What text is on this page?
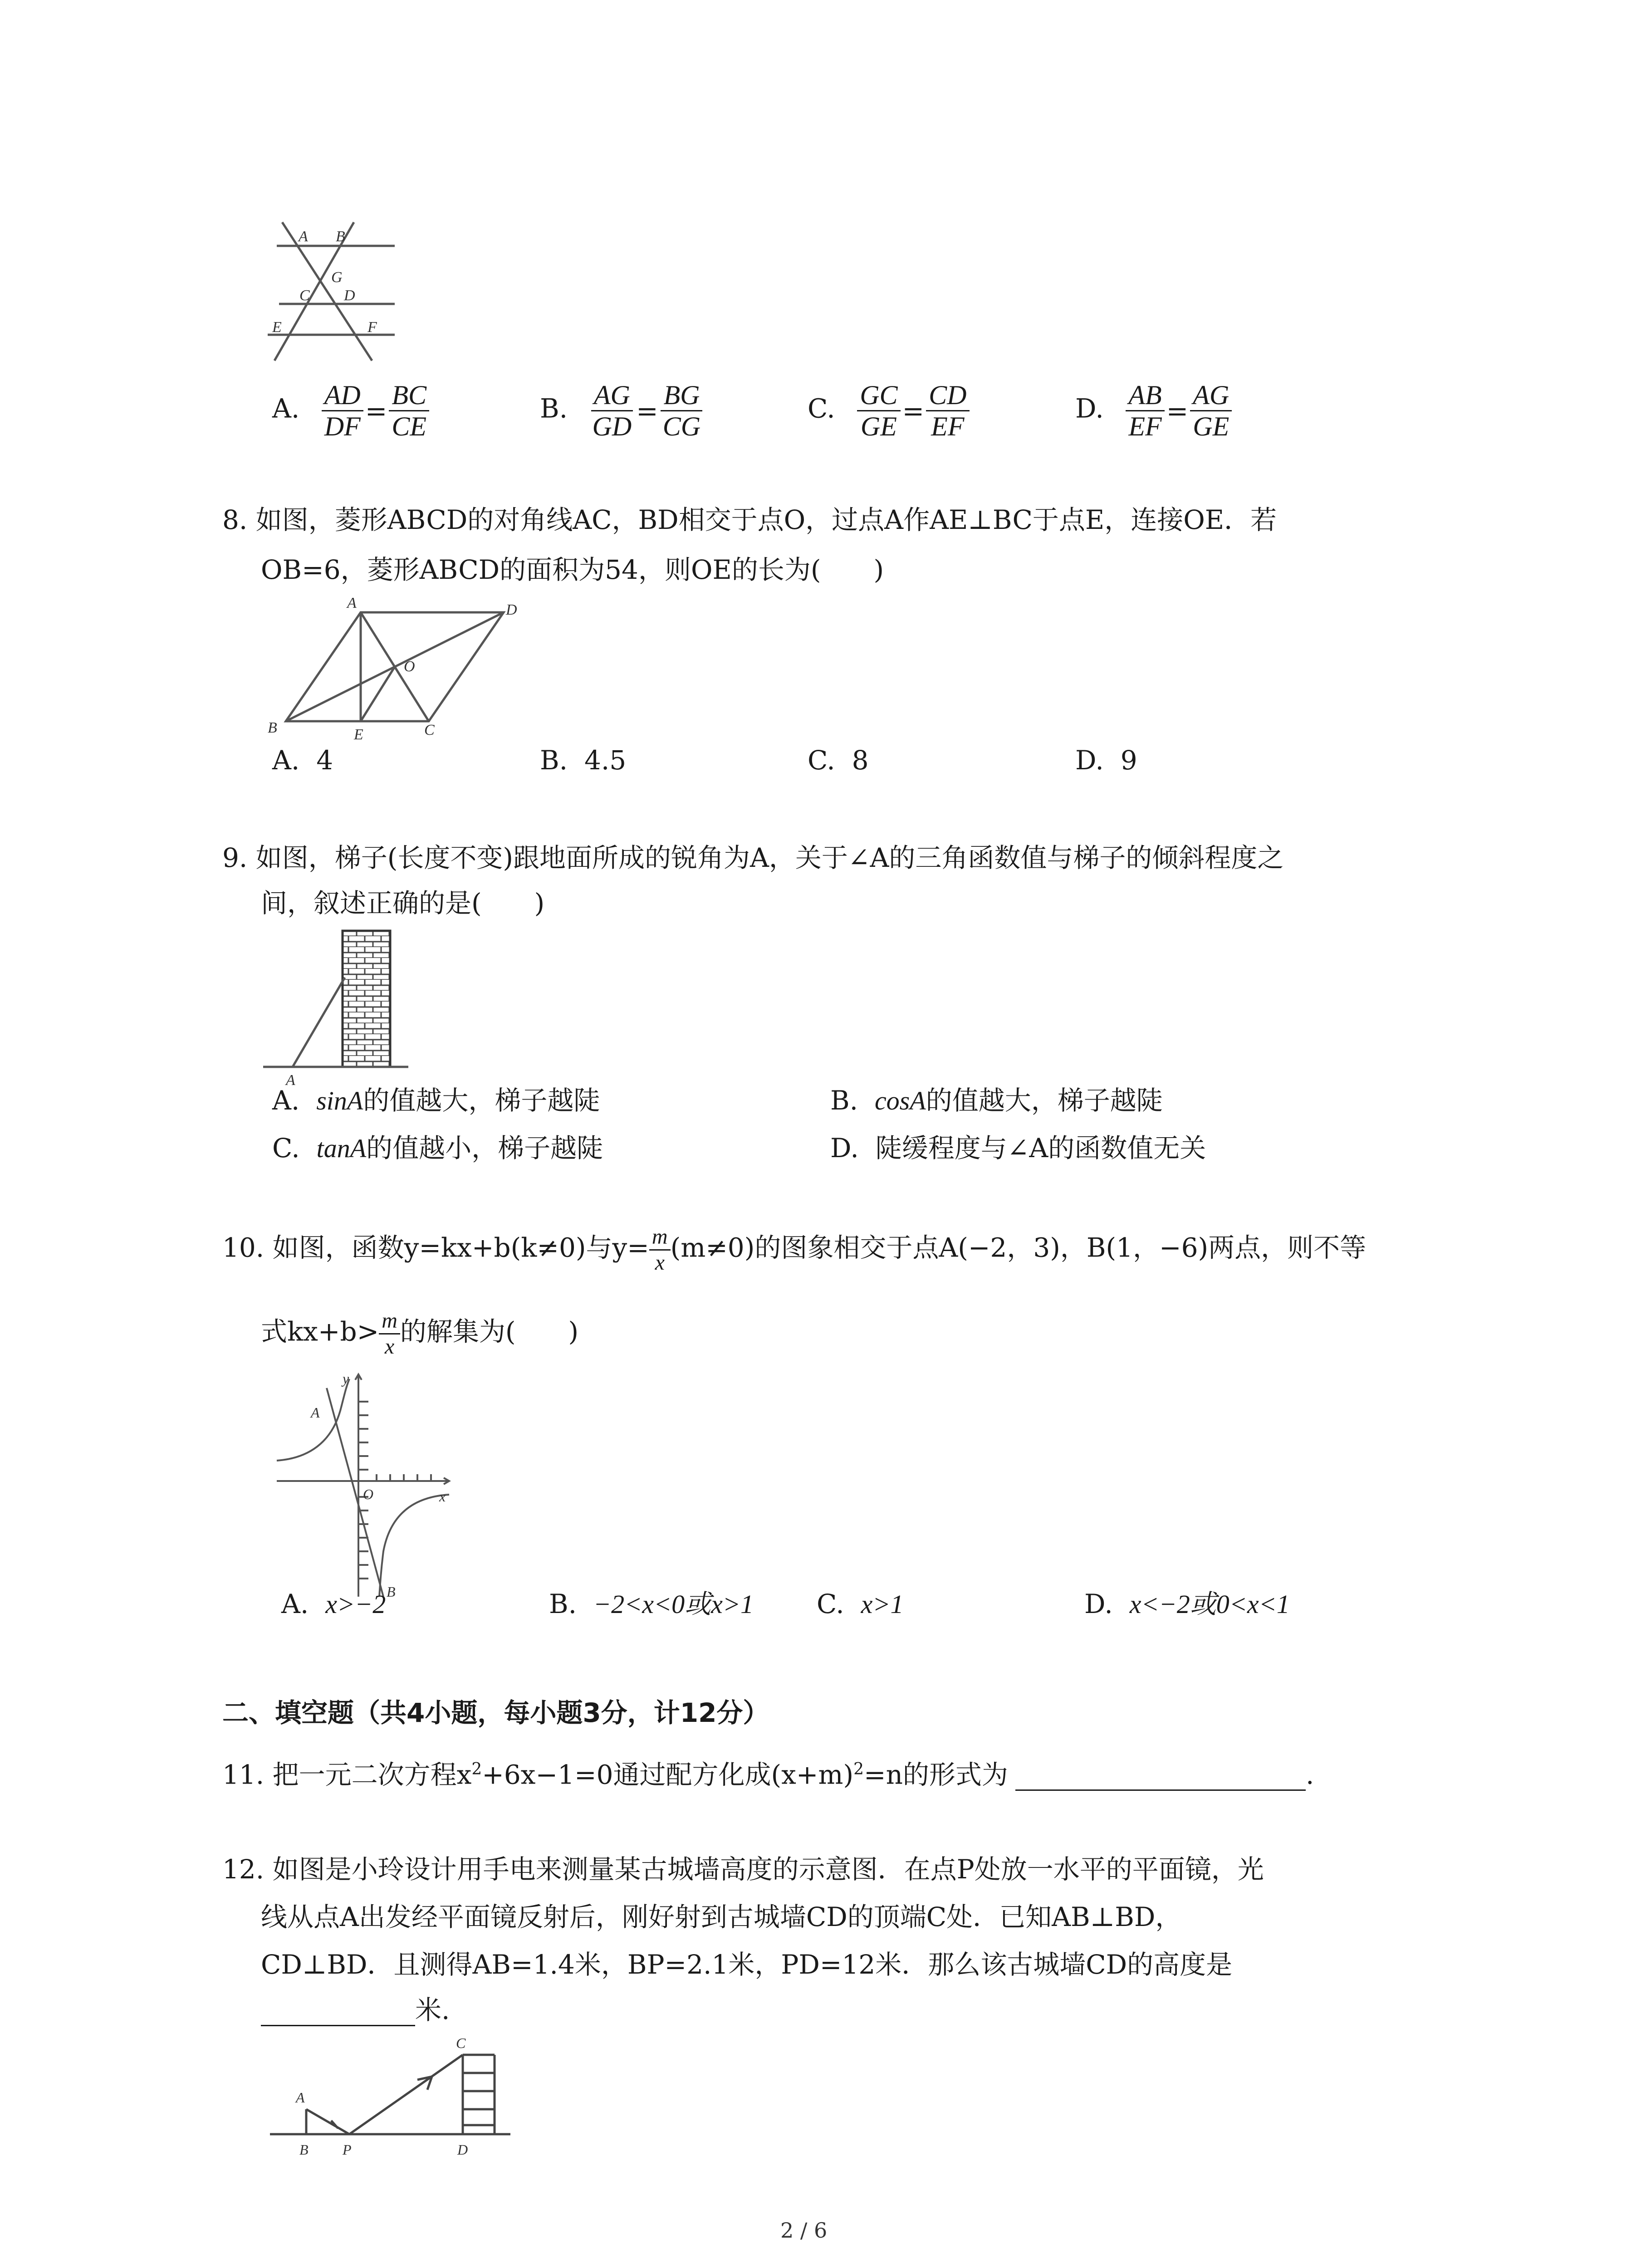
A B
G
C D
E	F
A. $\frac{AD}{DF} = \frac{BC}{CE}$	B. $\frac{AG}{GD} = \frac{BG}{CG}$	C. $\frac{GC}{GE} = \frac{CD}{EF}$	D. $\frac{AB}{EF} = \frac{AG}{GE}$
8. 如图，菱形ABCD的对角线AC，BD相交于点O，过点A作AE⊥BC于点E，连接OE．若
OB=6，菱形ABCD的面积为54，则OE的长为(　　)
A	D
O
B	E	C
A. 4	B. 4.5	C. 8	D. 9
9. 如图，梯子(长度不变)跟地面所成的锐角为A，关于∠A的三角函数值与梯子的倾斜程度之
间，叙述正确的是(　　)
A
A. sinA的值越大，梯子越陡	B. cosA的值越大，梯子越陡
C. tanA的值越小，梯子越陡	D. 陡缓程度与∠A的函数值无关
10. 如图，函数y=kx+b(k≠0)与$y= \frac{m}{x} (m\ne 0)$的图象相交于点A(−2，3)，B(1，−6)两点，则不等
式$kx+b> \frac{m}{x}$ 的解集为(　　)
y
A
O	x
B
A. x>−2	B. −2<x<0或x>1 C. x>1	D. x<−2或0<x<1
二、填空题（共4小题，每小题3分，计12分）
11. 把一元二次方程$x^2+6x-1=0$通过配方化成$(x+m)^2=n$的形式为	.
12. 如图是小玲设计用手电来测量某古城墙高度的示意图．在点P处放一水平的平面镜，光
线从点A出发经平面镜反射后，刚好射到古城墙CD的顶端C处．已知AB⊥BD，
CD⊥BD．且测得AB=1.4米，BP=2.1米，PD=12米．那么该古城墙CD的高度是
米.
A
B P
C
D
2 / 6
